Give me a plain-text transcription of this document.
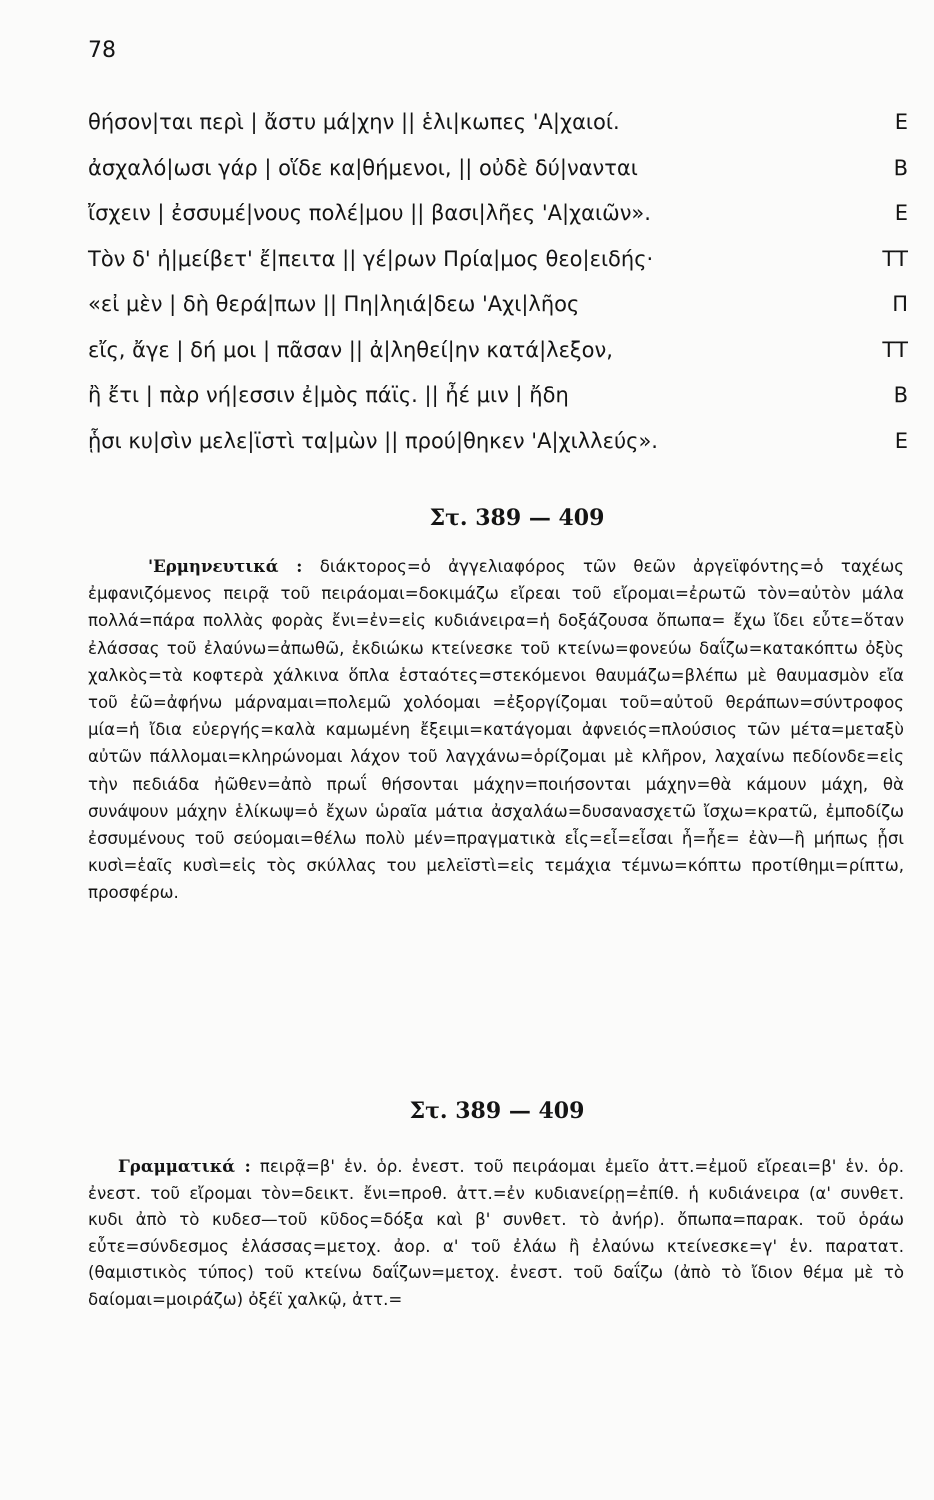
78
θήσον|ται περὶ | ἄστυ μά|χην || ἑλι|κωπες 'Α|χαιοί.	Ε
ἀσχαλό|ωσι γάρ | οἵδε κα|θήμενοι, || οὐδὲ δύ|νανται	Β
ἴσχειν | ἐσσυμέ|νους πολέ|μου || βασι|λῆες 'Α|χαιῶν».	Ε
Τὸν δ' ἠ|μείβετ' ἔ|πειτα || γέ|ρων Πρία|μος θεο|ειδής·	ΤΤ
«εἰ μὲν | δὴ θερά|πων || Πη|ληιά|δεω 'Αχι|λῆος	Π
εἴς, ἄγε | δή μοι | πᾶσαν || ἀ|ληθεί|ην κατά|λεξον,	ΤΤ
ἢ ἔτι | πὰρ νή|εσσιν ἐ|μὸς πάϊς. || ἦέ μιν | ἤδη	Β
ᾗσι κυ|σὶν μελε|ϊστὶ τα|μὼν || πρού|θηκεν 'Α|χιλλεύς».	Ε
Στ. 389 — 409
'Ερμηνευτικά : διάκτορος=ὁ ἀγγελιαφόρος τῶν θεῶν ἀργεϊφόντης=ὁ ταχέως ἐμφανιζόμενος πειρᾷ τοῦ πειράομαι=δοκιμάζω εἴρεαι τοῦ εἴρομαι=ἐρωτῶ τὸν=αὐτὸν μάλα πολλά=πάρα πολλὰς φορὰς ἔνι=ἐν=εἰς κυδιάνειρα=ἡ δοξάζουσα ὄπωπα= ἔχω ἴδει εὖτε=ὅταν ἐλάσσας τοῦ ἐλαύνω=ἀπωθῶ, ἐκδιώκω κτείνεσκε τοῦ κτείνω=φονεύω δαΐζω=κατακόπτω ὀξὺς χαλκὸς=τὰ κοφτερὰ χάλκινα ὅπλα ἑσταότες=στεκόμενοι θαυμάζω=βλέπω μὲ θαυμασμὸν εἴα τοῦ ἐῶ=ἀφήνω μάρναμαι=πολεμῶ χολόομαι =ἐξοργίζομαι τοῦ=αὐτοῦ θεράπων=σύντροφος μία=ἡ ἴδια εὐεργής=καλὰ καμωμένη ἔξειμι=κατάγομαι ἀφνειός=πλούσιος τῶν μέτα=μεταξὺ αὐτῶν πάλλομαι=κληρώνομαι λάχον τοῦ λαγχάνω=ὁρίζομαι μὲ κλῆρον, λαχαίνω πεδίονδε=εἰς τὴν πεδιάδα ἠῶθεν=ἀπὸ πρωΐ θήσονται μάχην=ποιήσονται μάχην=θὰ κάμουν μάχη, θὰ συνάψουν μάχην ἑλίκωψ=ὁ ἔχων ὡραῖα μάτια ἀσχαλάω=δυσανασχετῶ ἴσχω=κρατῶ, ἐμποδίζω ἐσσυμένους τοῦ σεύομαι=θέλω πολὺ μέν=πραγματικὰ εἷς=εἶ=εἶσαι ἦ=ἦε= ἐὰν—ἢ μήπως ᾗσι κυσὶ=ἑαῖς κυσὶ=εἰς τὸς σκύλλας του μελεϊστὶ=εἰς τεμάχια τέμνω=κόπτω προτίθημι=ρίπτω, προσφέρω.
Στ. 389 — 409
Γραμματικά : πειρᾷ=β' ἑν. ὁρ. ἐνεστ. τοῦ πειράομαι ἐμεῖο ἀττ.=ἐμοῦ εἴρεαι=β' ἑν. ὁρ. ἐνεστ. τοῦ εἴρομαι τὸν=δεικτ. ἔνι=προθ. ἀττ.=ἐν κυδιανείρῃ=ἐπίθ. ἡ κυδιάνειρα (α' συνθετ. κυδι ἀπὸ τὸ κυδεσ—τοῦ κῦδος=δόξα καὶ β' συνθετ. τὸ ἀνήρ). ὄπωπα=παρακ. τοῦ ὁράω εὖτε=σύνδεσμος ἐλάσσας=μετοχ. ἀορ. α' τοῦ ἐλάω ἢ ἐλαύνω κτείνεσκε=γ' ἑν. παρατατ. (θαμιστικὸς τύπος) τοῦ κτείνω δαΐζων=μετοχ. ἐνεστ. τοῦ δαΐζω (ἀπὸ τὸ ἴδιον θέμα μὲ τὸ δαίομαι=μοιράζω) ὀξέϊ χαλκῷ, ἀττ.=
